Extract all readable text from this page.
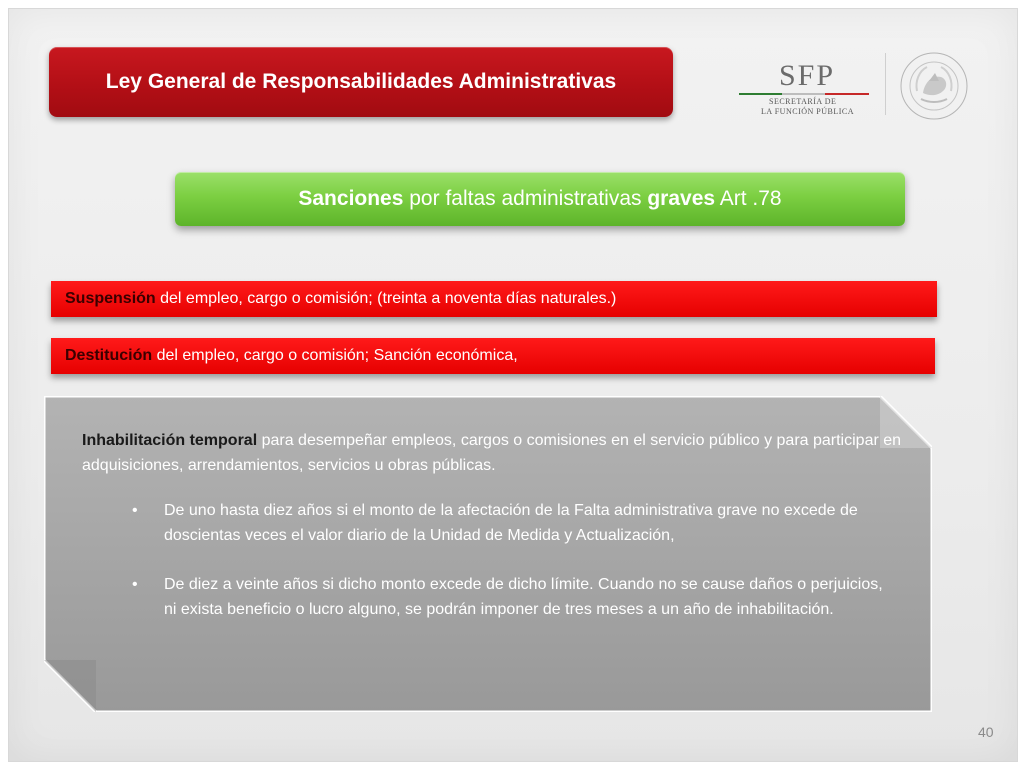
Ley General de Responsabilidades Administrativas	SFP
SECRETARÍA DE
LA FUNCIÓN PÚBLICA
Sanciones por faltas administrativas graves Art .78
Suspensión del empleo, cargo o comisión; (treinta a noventa días naturales.)
Destitución del empleo, cargo o comisión; Sanción económica,
Inhabilitación temporal para desempeñar empleos, cargos o comisiones en el servicio público y para participar en adquisiciones, arrendamientos, servicios u obras públicas.
• De uno hasta diez años si el monto de la afectación de la Falta administrativa grave no excede de doscientas veces el valor diario de la Unidad de Medida y Actualización,
• De diez a veinte años si dicho monto excede de dicho límite. Cuando no se cause daños o perjuicios, ni exista beneficio o lucro alguno, se podrán imponer de tres meses a un año de inhabilitación.
40
